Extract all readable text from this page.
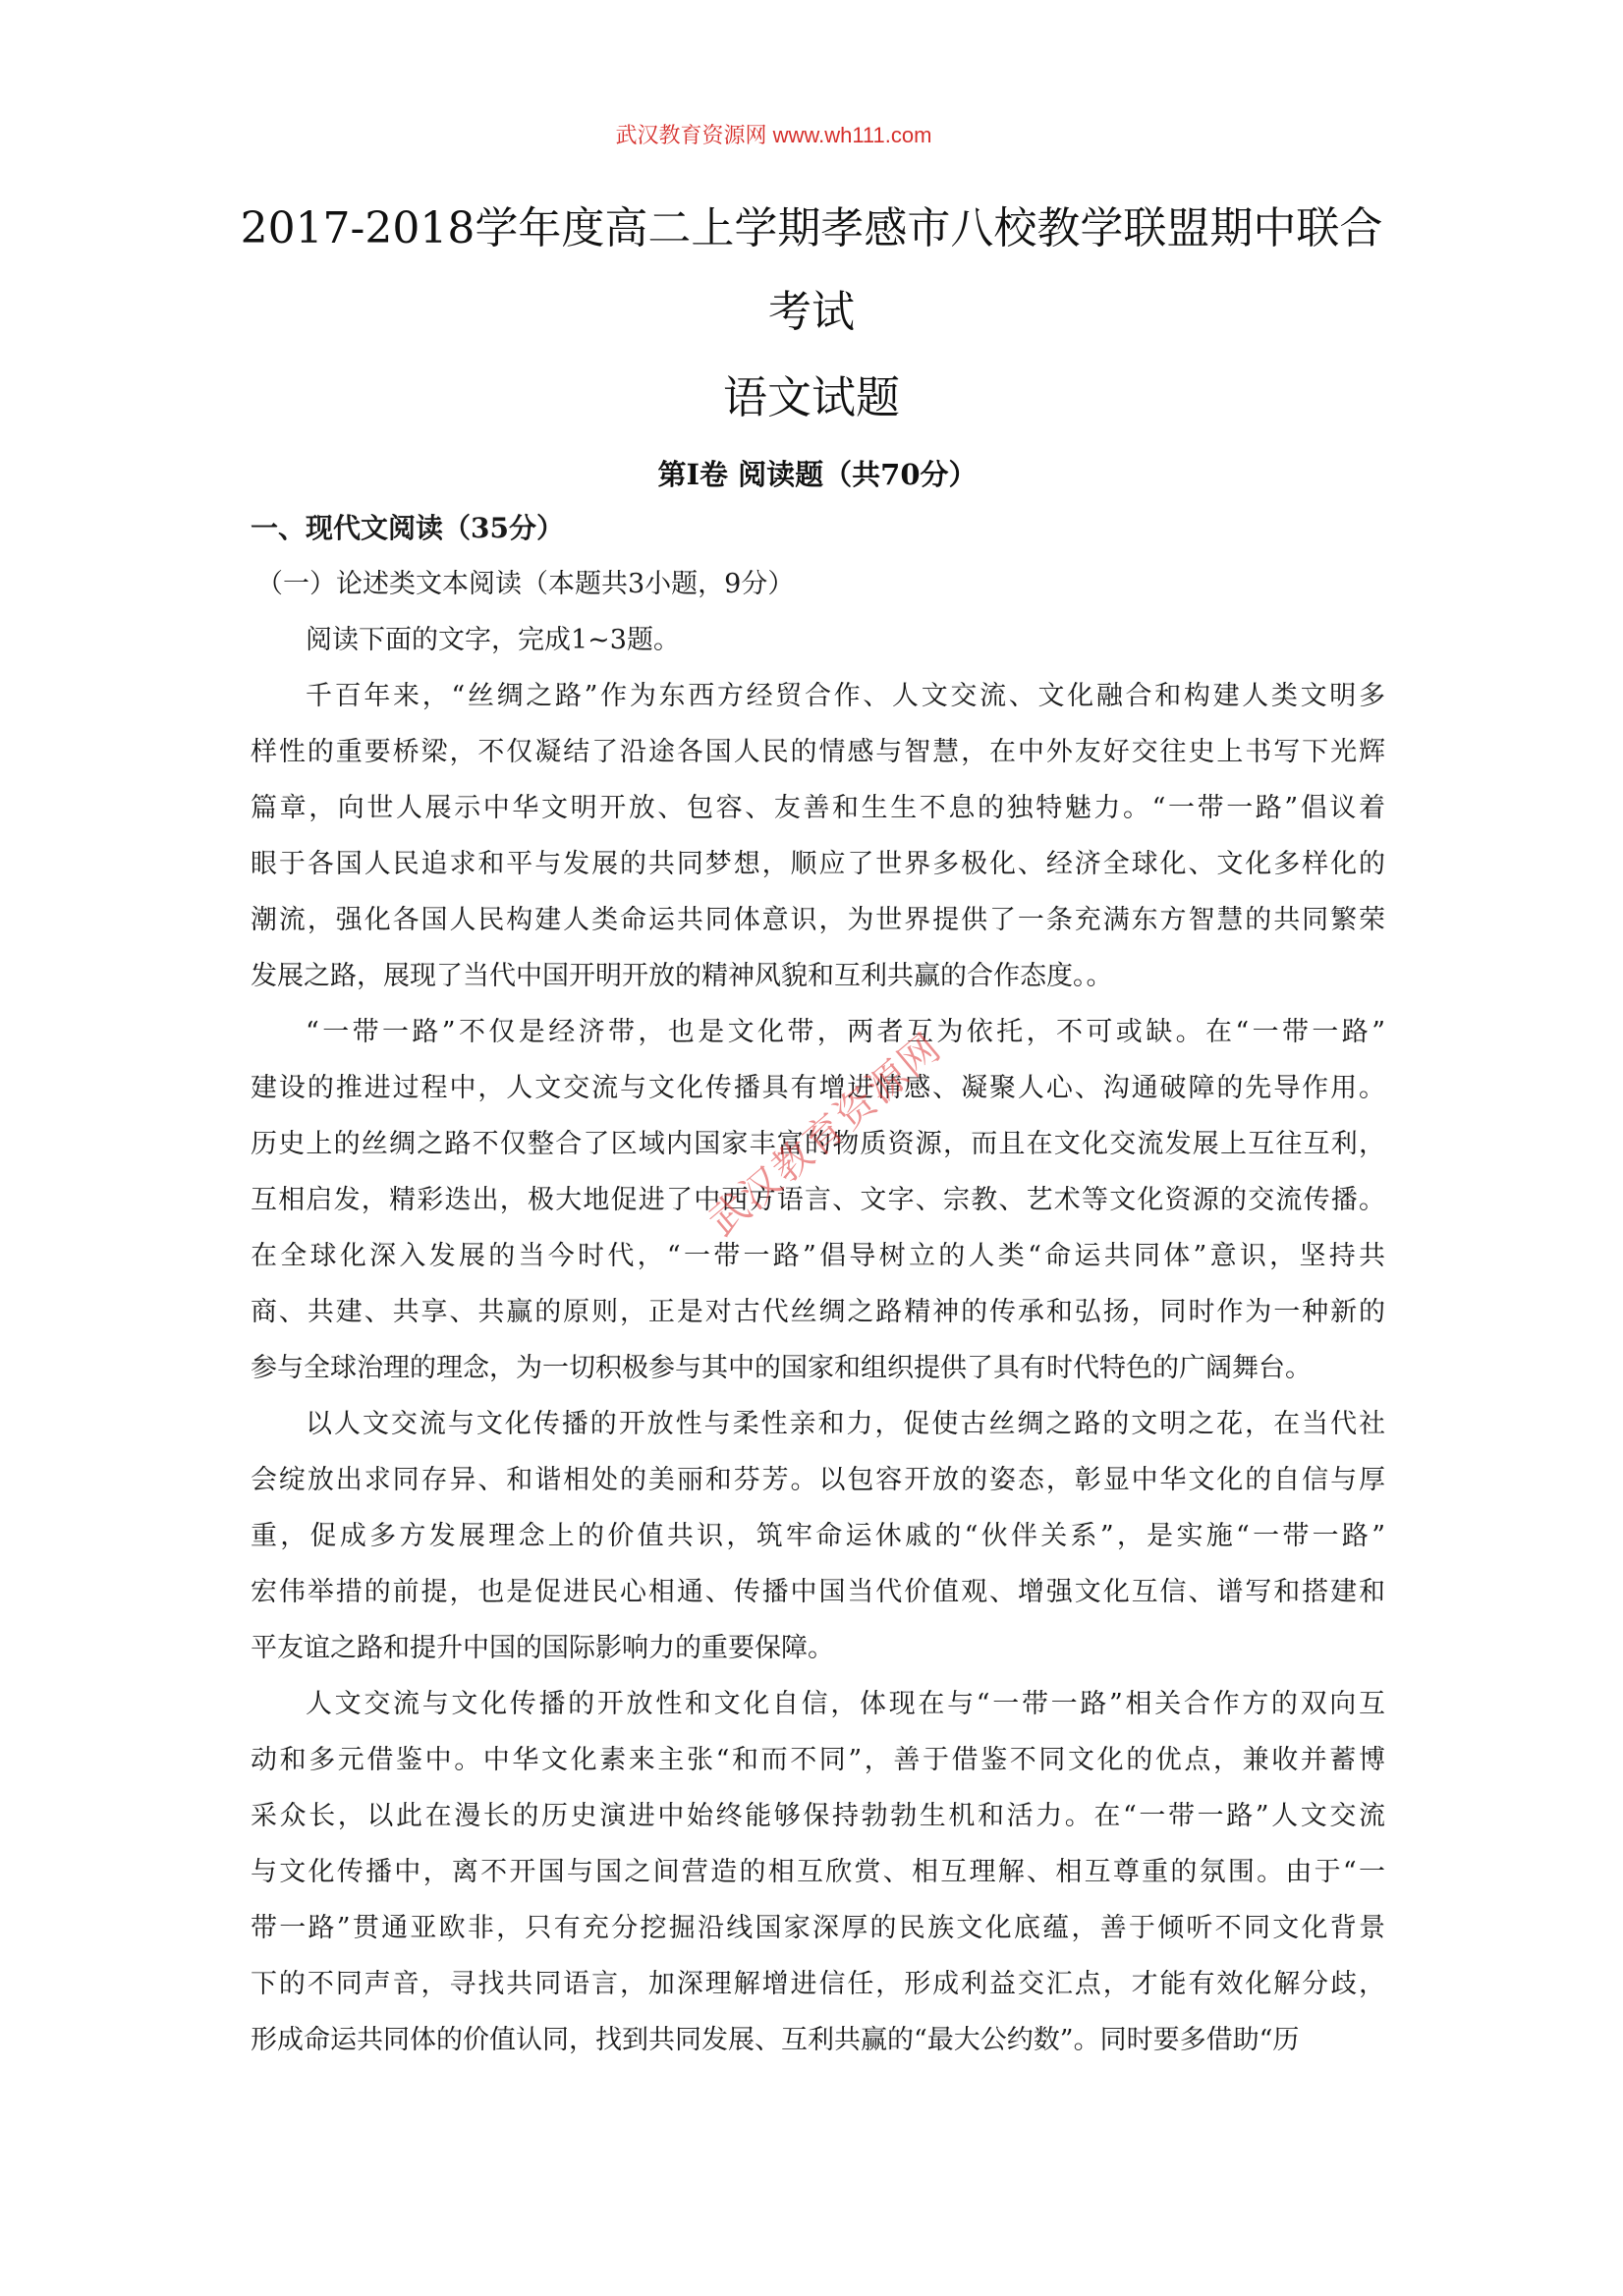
武汉教育资源网 www.wh111.com
2017-2018学年度高二上学期孝感市八校教学联盟期中联合
考试
语文试题
第Ⅰ卷 阅读题（共70分）
一、现代文阅读（35分）
（一）论述类文本阅读（本题共3小题，9分）
阅读下面的文字，完成1~3题。
千百年来，“丝绸之路”作为东西方经贸合作、人文交流、文化融合和构建人类文明多
样性的重要桥梁，不仅凝结了沿途各国人民的情感与智慧，在中外友好交往史上书写下光辉
篇章，向世人展示中华文明开放、包容、友善和生生不息的独特魅力。“一带一路”倡议着
眼于各国人民追求和平与发展的共同梦想，顺应了世界多极化、经济全球化、文化多样化的
潮流，强化各国人民构建人类命运共同体意识，为世界提供了一条充满东方智慧的共同繁荣
发展之路，展现了当代中国开明开放的精神风貌和互利共赢的合作态度。。
“一带一路”不仅是经济带，也是文化带，两者互为依托，不可或缺。在“一带一路”
建设的推进过程中，人文交流与文化传播具有增进情感、凝聚人心、沟通破障的先导作用。
历史上的丝绸之路不仅整合了区域内国家丰富的物质资源，而且在文化交流发展上互往互利，
互相启发，精彩迭出，极大地促进了中西方语言、文字、宗教、艺术等文化资源的交流传播。
在全球化深入发展的当今时代，“一带一路”倡导树立的人类“命运共同体”意识，坚持共
商、共建、共享、共赢的原则，正是对古代丝绸之路精神的传承和弘扬，同时作为一种新的
参与全球治理的理念，为一切积极参与其中的国家和组织提供了具有时代特色的广阔舞台。
以人文交流与文化传播的开放性与柔性亲和力，促使古丝绸之路的文明之花，在当代社
会绽放出求同存异、和谐相处的美丽和芬芳。以包容开放的姿态，彰显中华文化的自信与厚
重，促成多方发展理念上的价值共识，筑牢命运休戚的“伙伴关系”，是实施“一带一路”
宏伟举措的前提，也是促进民心相通、传播中国当代价值观、增强文化互信、谱写和搭建和
平友谊之路和提升中国的国际影响力的重要保障。
人文交流与文化传播的开放性和文化自信，体现在与“一带一路”相关合作方的双向互
动和多元借鉴中。中华文化素来主张“和而不同”，善于借鉴不同文化的优点，兼收并蓄博
采众长，以此在漫长的历史演进中始终能够保持勃勃生机和活力。在“一带一路”人文交流
与文化传播中，离不开国与国之间营造的相互欣赏、相互理解、相互尊重的氛围。由于“一
带一路”贯通亚欧非，只有充分挖掘沿线国家深厚的民族文化底蕴，善于倾听不同文化背景
下的不同声音，寻找共同语言，加深理解增进信任，形成利益交汇点，才能有效化解分歧，
形成命运共同体的价值认同，找到共同发展、互利共赢的“最大公约数”。同时要多借助“历
武汉教育资源网
